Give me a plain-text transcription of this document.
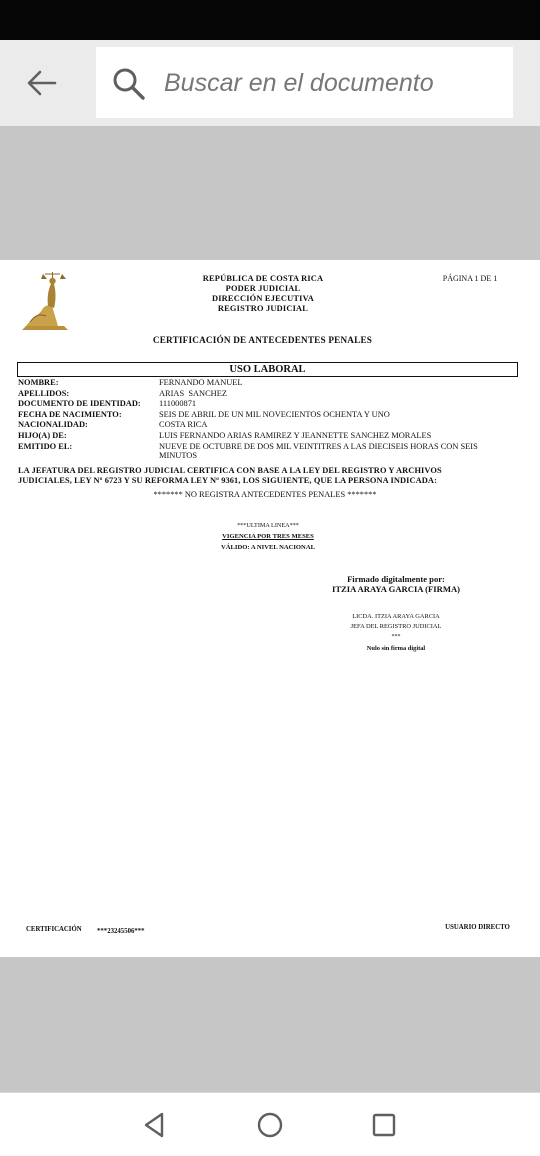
Buscar en el documento
REPÚBLICA DE COSTA RICA
PODER JUDICIAL
DIRECCIÓN EJECUTIVA
REGISTRO JUDICIAL
PÁGINA 1 DE 1
CERTIFICACIÓN DE ANTECEDENTES PENALES
USO LABORAL
NOMBRE:	FERNANDO MANUEL
APELLIDOS:	ARIAS  SANCHEZ
DOCUMENTO DE IDENTIDAD:	111000871
FECHA DE NACIMIENTO:	SEIS DE ABRIL DE UN MIL NOVECIENTOS OCHENTA Y UNO
NACIONALIDAD:	COSTA RICA
HIJO(A) DE:	LUIS FERNANDO ARIAS RAMIREZ Y JEANNETTE SANCHEZ MORALES
EMITIDO EL:	NUEVE DE OCTUBRE DE DOS MIL VEINTITRES A LAS DIECISEIS HORAS CON SEIS MINUTOS
LA JEFATURA DEL REGISTRO JUDICIAL CERTIFICA CON BASE A LA LEY DEL REGISTRO Y ARCHIVOS JUDICIALES, LEY Nº 6723 Y SU REFORMA LEY Nº 9361, LOS SIGUIENTE, QUE LA PERSONA INDICADA:
******* NO REGISTRA ANTECEDENTES PENALES *******
***ULTIMA LINEA***
VIGENCIA POR TRES MESES
VÁLIDO: A NIVEL NACIONAL
Firmado digitalmente por:
ITZIA ARAYA GARCIA (FIRMA)
LICDA. ITZIA ARAYA GARCIA
JEFA DEL REGISTRO JUDICIAL
***
Nulo sin firma digital
CERTIFICACIÓN ***23245506***
USUARIO DIRECTO
